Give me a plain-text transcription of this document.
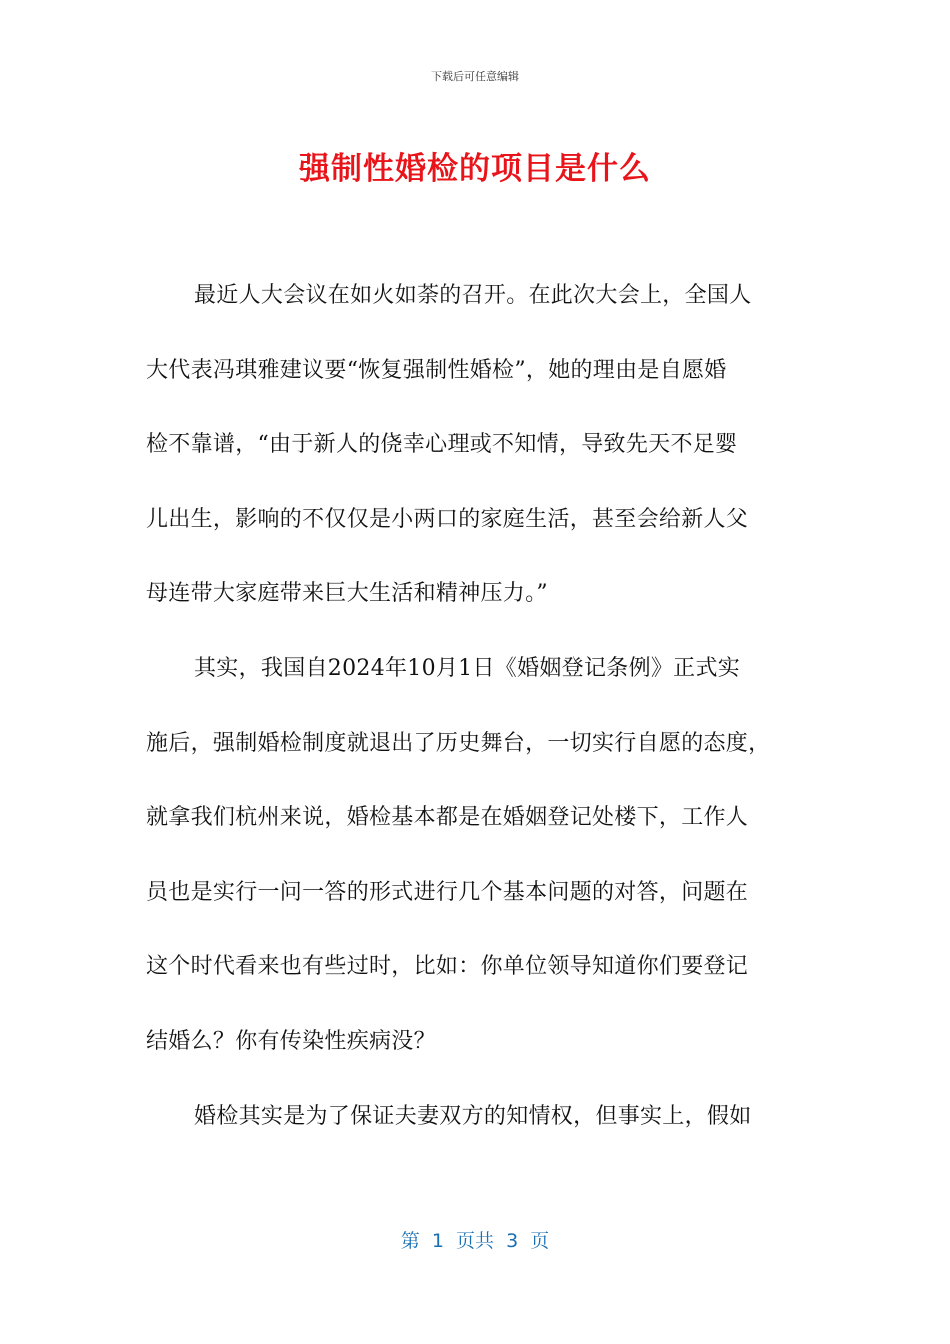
下载后可任意编辑
强制性婚检的项目是什么
最近人大会议在如火如荼的召开。在此次大会上，全国人
大代表冯琪雅建议要“恢复强制性婚检”，她的理由是自愿婚
检不靠谱，“由于新人的侥幸心理或不知情，导致先天不足婴
儿出生，影响的不仅仅是小两口的家庭生活，甚至会给新人父
母连带大家庭带来巨大生活和精神压力。”
其实，我国自2024年10月1日《婚姻登记条例》正式实
施后，强制婚检制度就退出了历史舞台，一切实行自愿的态度，
就拿我们杭州来说，婚检基本都是在婚姻登记处楼下，工作人
员也是实行一问一答的形式进行几个基本问题的对答，问题在
这个时代看来也有些过时，比如：你单位领导知道你们要登记
结婚么？你有传染性疾病没？
婚检其实是为了保证夫妻双方的知情权，但事实上，假如
第  1  页共  3  页
